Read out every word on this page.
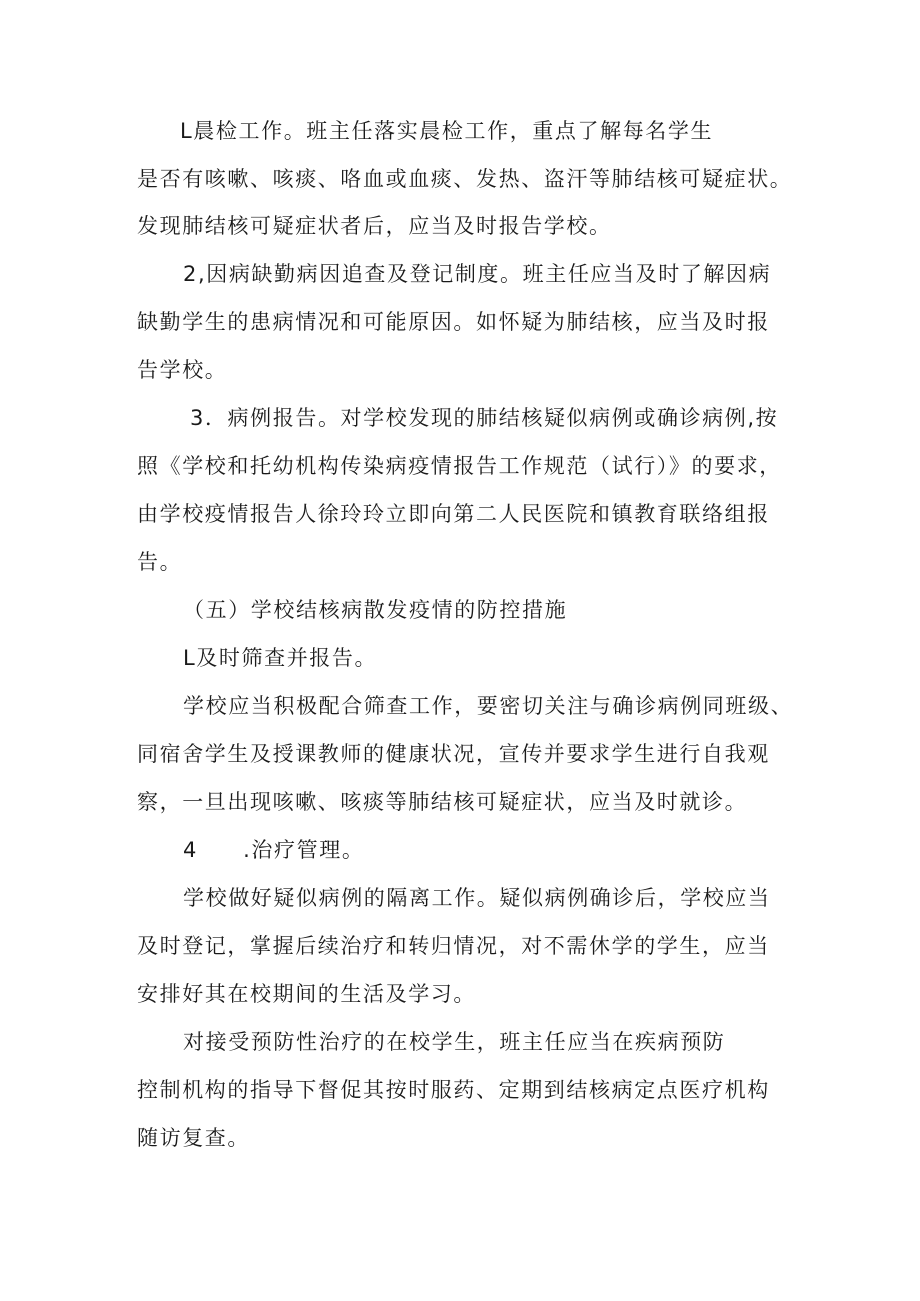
L晨检工作。班主任落实晨检工作，重点了解每名学生

是否有咳嗽、咳痰、咯血或血痰、发热、盗汗等肺结核可疑症状。

发现肺结核可疑症状者后，应当及时报告学校。

2,因病缺勤病因追查及登记制度。班主任应当及时了解因病

缺勤学生的患病情况和可能原因。如怀疑为肺结核，应当及时报

告学校。

3．病例报告。对学校发现的肺结核疑似病例或确诊病例,按

照《学校和托幼机构传染病疫情报告工作规范（试行）》的要求，

由学校疫情报告人徐玲玲立即向第二人民医院和镇教育联络组报

告。

（五）学校结核病散发疫情的防控措施

L及时筛查并报告。

学校应当积极配合筛查工作，要密切关注与确诊病例同班级、

同宿舍学生及授课教师的健康状况，宣传并要求学生进行自我观

察，一旦出现咳嗽、咳痰等肺结核可疑症状，应当及时就诊。

4　　.治疗管理。

学校做好疑似病例的隔离工作。疑似病例确诊后，学校应当

及时登记，掌握后续治疗和转归情况，对不需休学的学生，应当

安排好其在校期间的生活及学习。

对接受预防性治疗的在校学生，班主任应当在疾病预防

控制机构的指导下督促其按时服药、定期到结核病定点医疗机构

随访复查。
